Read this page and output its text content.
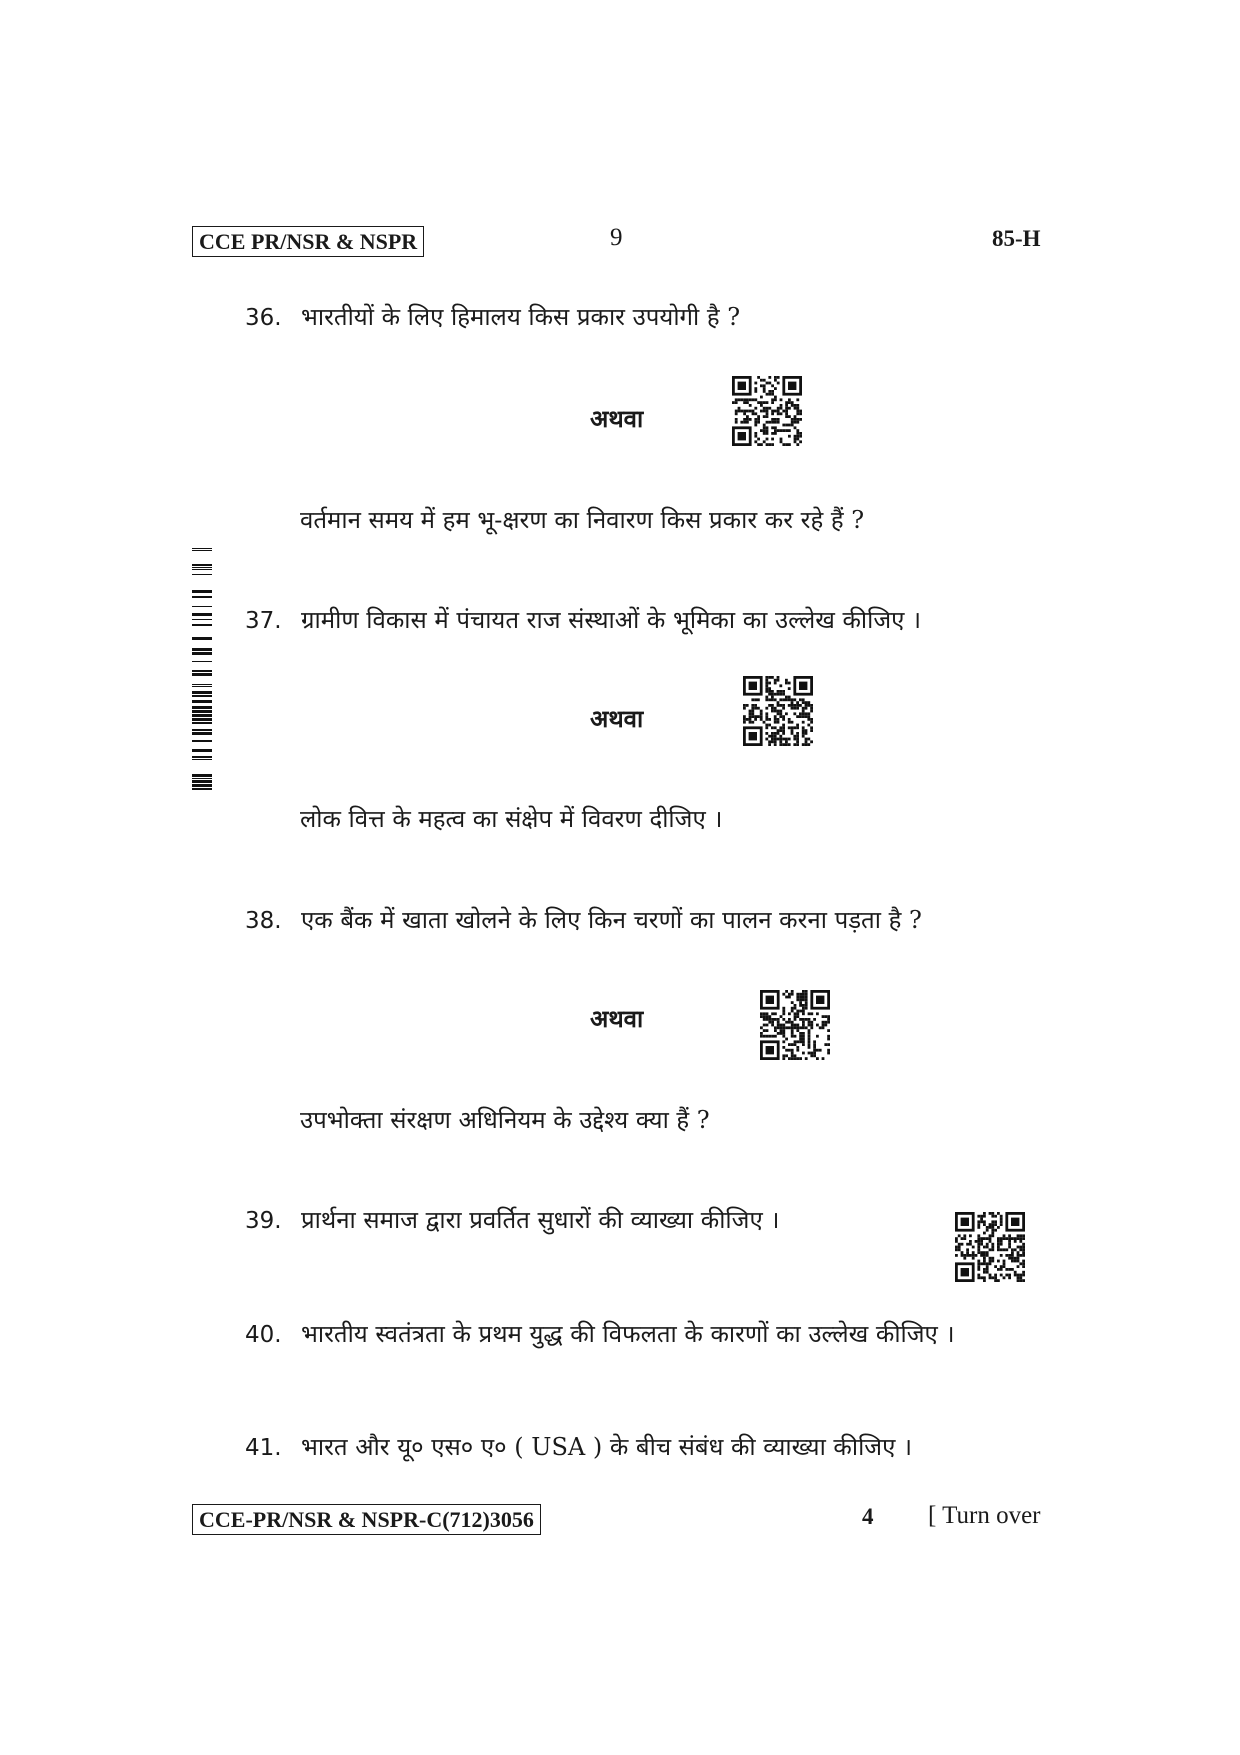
CCE PR/NSR & NSPR	9	85-H
36. भारतीयों के लिए हिमालय किस प्रकार उपयोगी है ?
अथवा
वर्तमान समय में हम भू-क्षरण का निवारण किस प्रकार कर रहे हैं ?
37. ग्रामीण विकास में पंचायत राज संस्थाओं के भूमिका का उल्लेख कीजिए ।
अथवा
लोक वित्त के महत्व का संक्षेप में विवरण दीजिए ।
38. एक बैंक में खाता खोलने के लिए किन चरणों का पालन करना पड़ता है ?
अथवा
उपभोक्ता संरक्षण अधिनियम के उद्देश्य क्या हैं ?
39. प्रार्थना समाज द्वारा प्रवर्तित सुधारों की व्याख्या कीजिए ।
40. भारतीय स्वतंत्रता के प्रथम युद्ध की विफलता के कारणों का उल्लेख कीजिए ।
41. भारत और यू० एस० ए० ( USA ) के बीच संबंध की व्याख्या कीजिए ।
CCE-PR/NSR & NSPR-C(712)3056	4 [ Turn over
